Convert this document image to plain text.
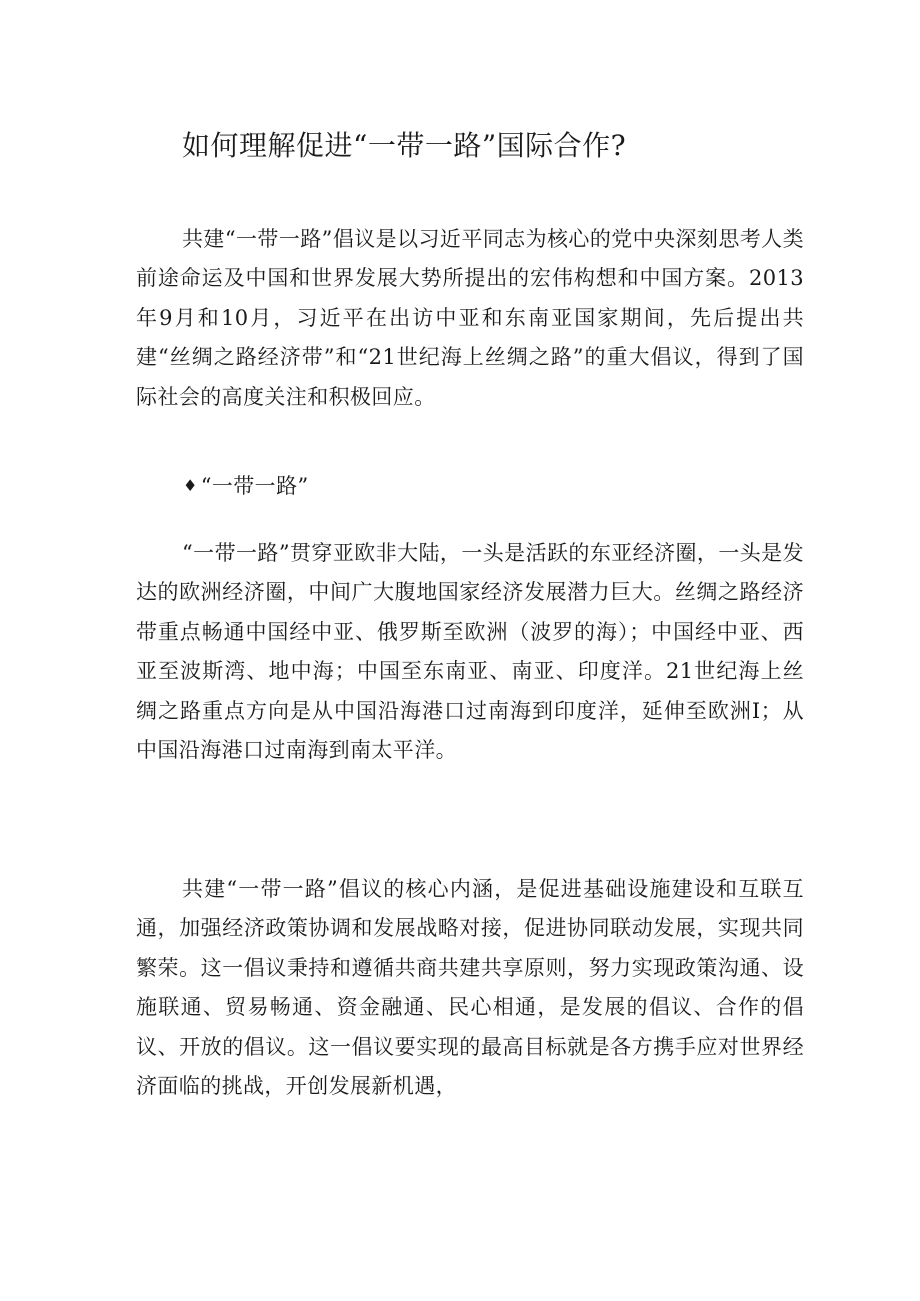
如何理解促进“一带一路”国际合作?
共建“一带一路”倡议是以习近平同志为核心的党中央深刻思考人类前途命运及中国和世界发展大势所提出的宏伟构想和中国方案。2013年9月和10月，习近平在出访中亚和东南亚国家期间，先后提出共建“丝绸之路经济带”和“21世纪海上丝绸之路”的重大倡议，得到了国际社会的高度关注和积极回应。
♦ “一带一路”
“一带一路”贯穿亚欧非大陆，一头是活跃的东亚经济圈，一头是发达的欧洲经济圈，中间广大腹地国家经济发展潜力巨大。丝绸之路经济带重点畅通中国经中亚、俄罗斯至欧洲（波罗的海）；中国经中亚、西亚至波斯湾、地中海；中国至东南亚、南亚、印度洋。21世纪海上丝绸之路重点方向是从中国沿海港口过南海到印度洋，延伸至欧洲I；从中国沿海港口过南海到南太平洋。
共建“一带一路”倡议的核心内涵，是促进基础设施建设和互联互通，加强经济政策协调和发展战略对接，促进协同联动发展，实现共同繁荣。这一倡议秉持和遵循共商共建共享原则，努力实现政策沟通、设施联通、贸易畅通、资金融通、民心相通，是发展的倡议、合作的倡议、开放的倡议。这一倡议要实现的最高目标就是各方携手应对世界经济面临的挑战，开创发展新机遇，
